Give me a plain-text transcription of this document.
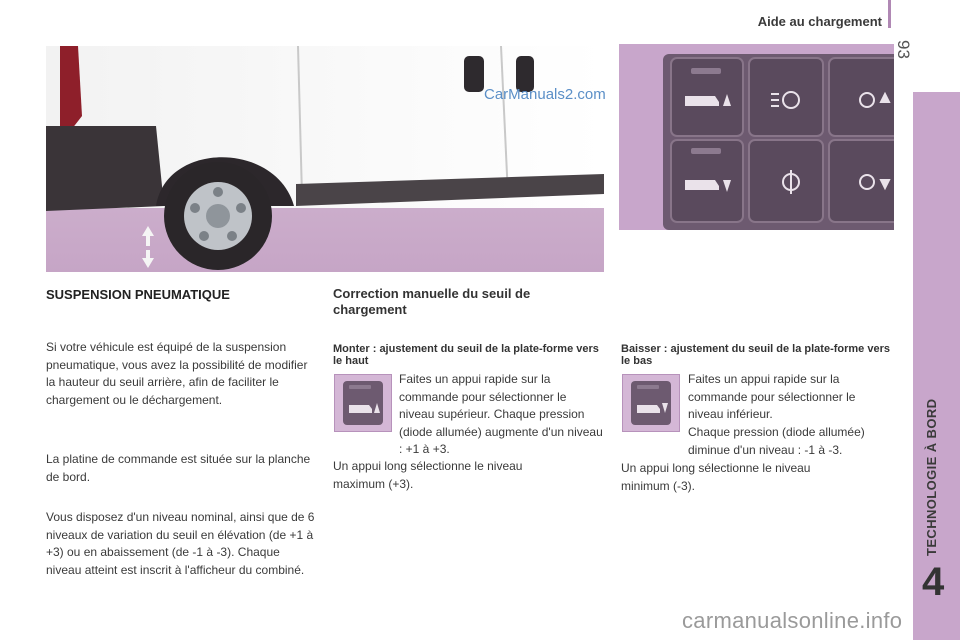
Aide au chargement
93
TECHNOLOGIE À BORD
4
CarManuals2.com
SUSPENSION PNEUMATIQUE
Si votre véhicule est équipé de la suspension pneumatique, vous avez la possibilité de modifier la hauteur du seuil arrière, afin de faciliter le chargement ou le déchargement.
La platine de commande est située sur la planche de bord.
Vous disposez d'un niveau nominal, ainsi que de 6 niveaux de variation du seuil en élévation (de +1 à +3) ou en abaissement (de -1 à -3). Chaque niveau atteint est inscrit à l'afficheur du combiné.
Correction manuelle du seuil de chargement
Monter : ajustement du seuil de la plate-forme vers le haut
Faites un appui rapide sur la commande pour sélectionner le niveau supérieur. Chaque pression (diode allumée) augmente d'un niveau : +1 à +3.
Un appui long sélectionne le niveau maximum (+3).
Baisser : ajustement du seuil de la plate-forme vers le bas
Faites un appui rapide sur la commande pour sélectionner le niveau inférieur.
Chaque pression (diode allumée) diminue d'un niveau : -1 à -3.
Un appui long sélectionne le niveau minimum (-3).
carmanualsonline.info
